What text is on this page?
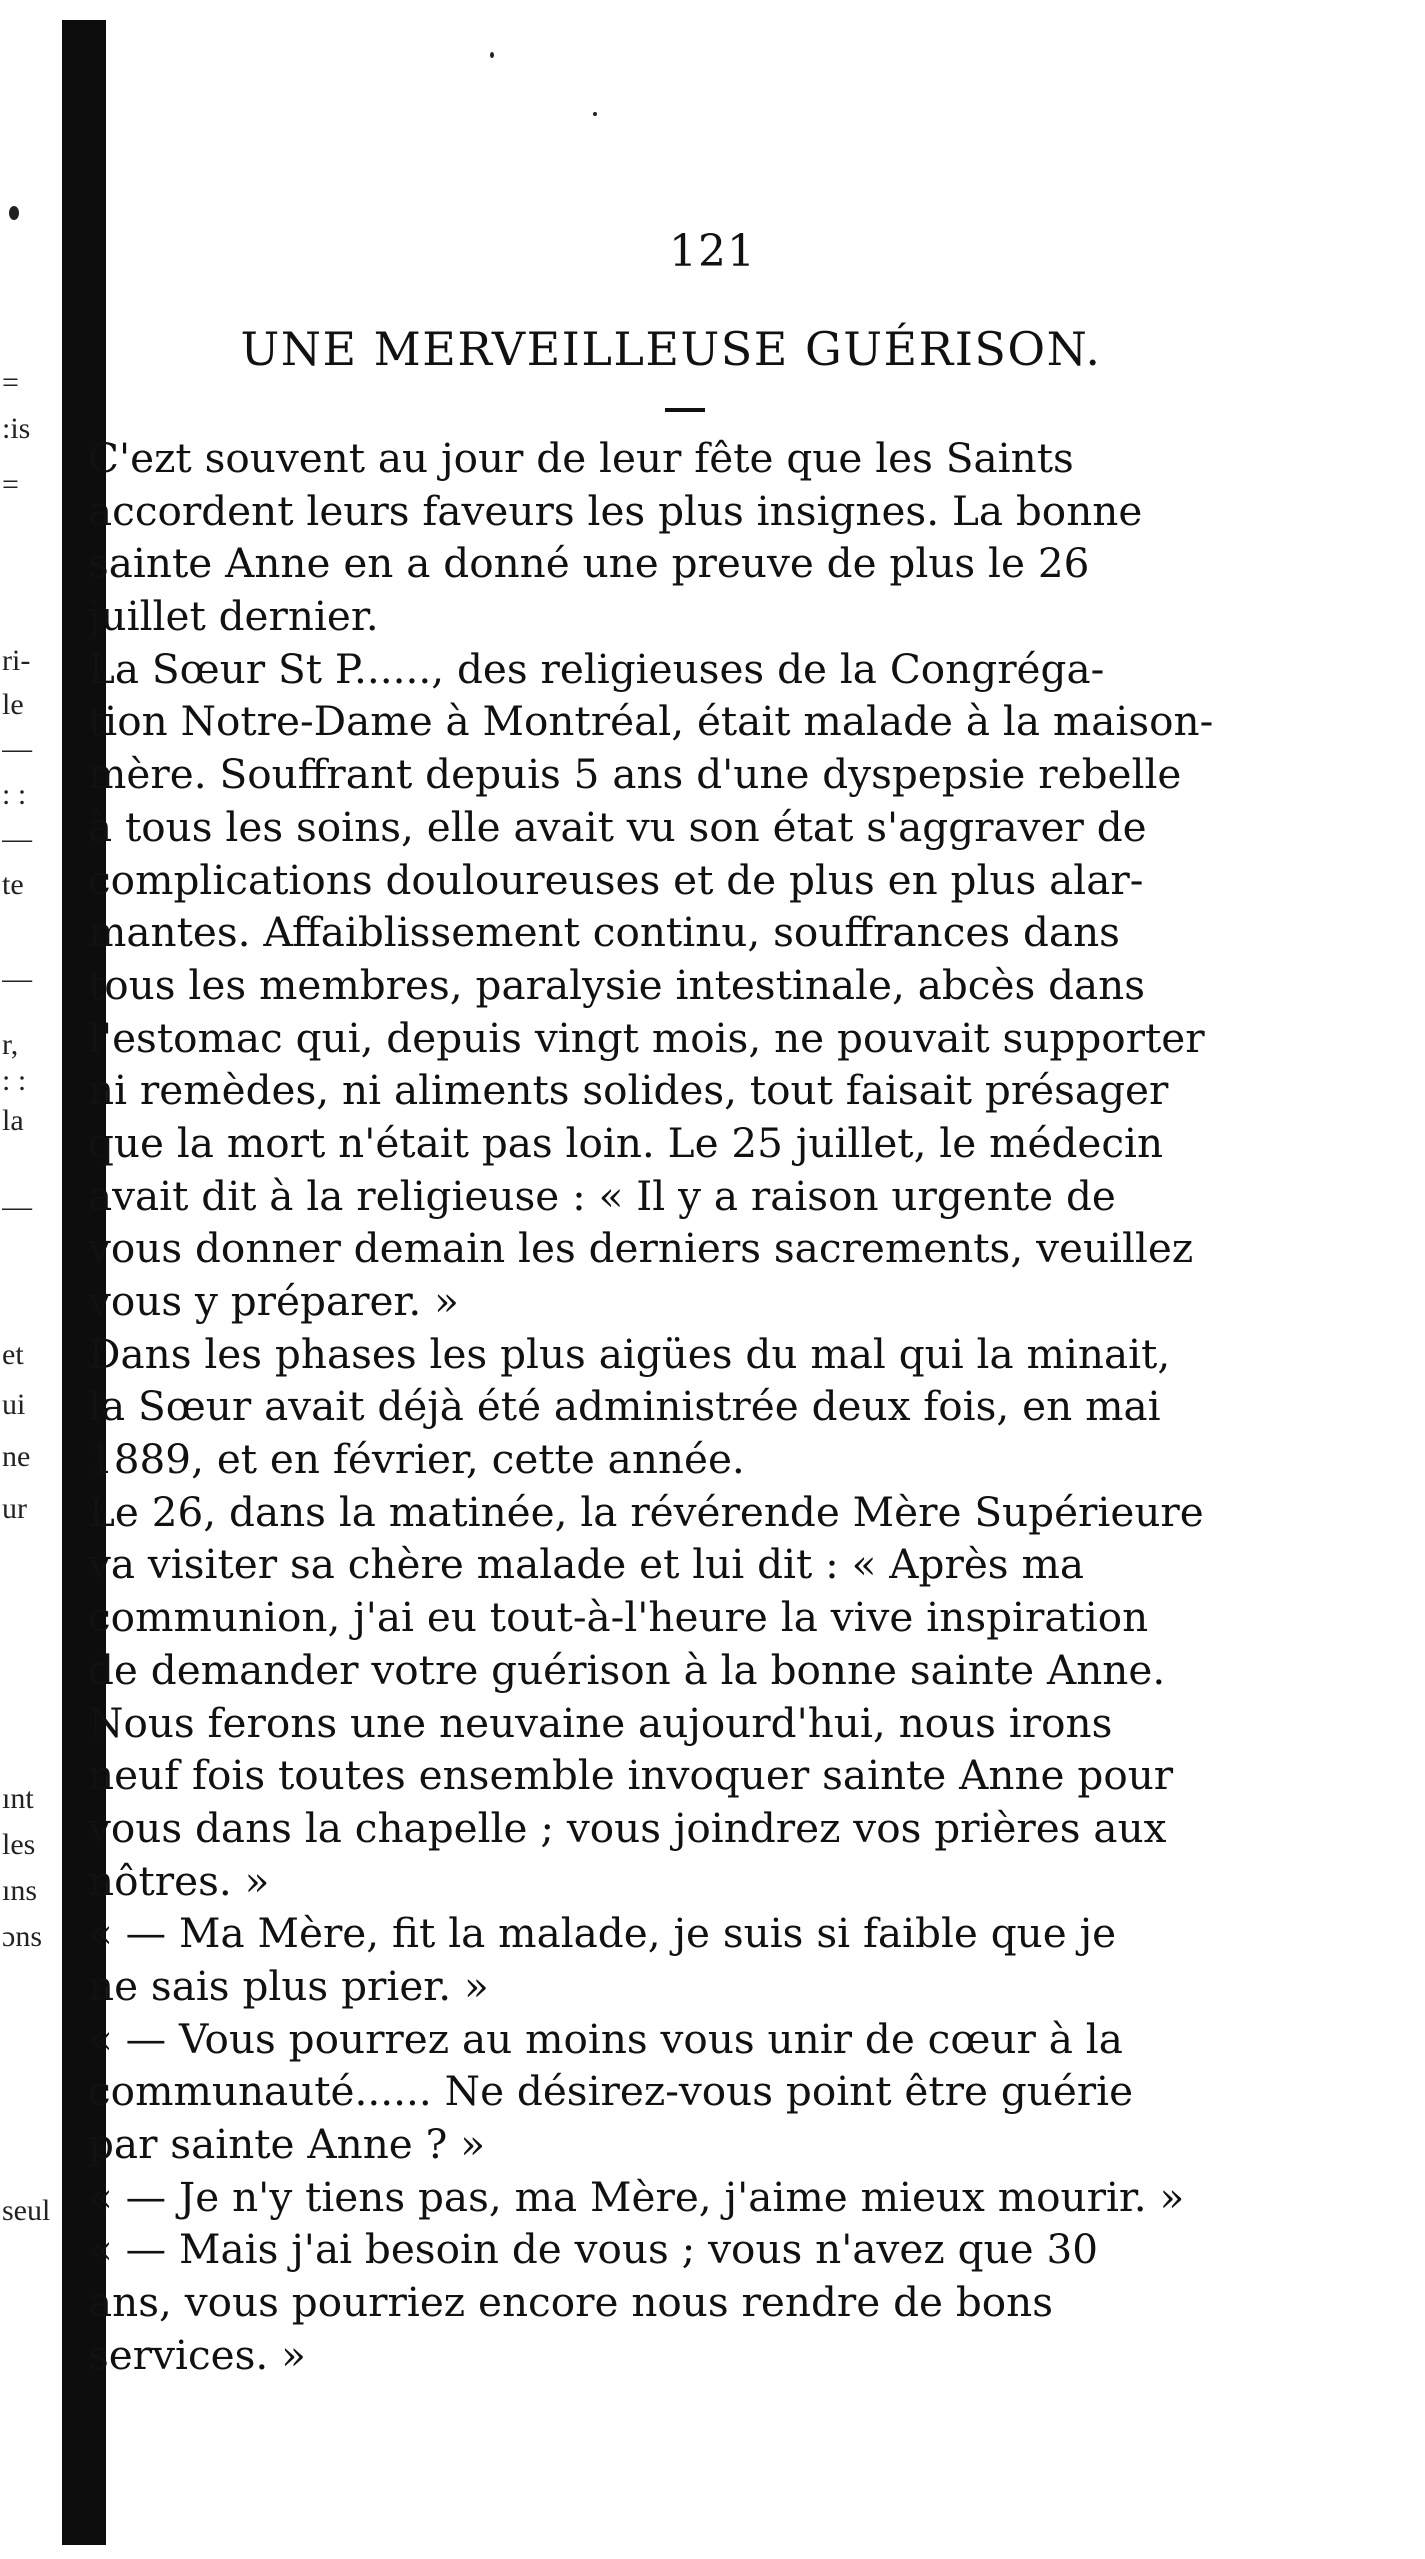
=
:is
=
ri-
le
—
: :
—
te
—
r,
: :
la
—
et
ui
ne
ur
ınt
les
ıns
ɔns
seul
121
UNE MERVEILLEUSE GUÉRISON.
C'ezt souvent au jour de leur fête que les Saints
accordent leurs faveurs les plus insignes. La bonne
sainte Anne en a donné une preuve de plus le 26
juillet dernier.
La Sœur St P......, des religieuses de la Congréga-
tion Notre-Dame à Montréal, était malade à la maison-
mère. Souffrant depuis 5 ans d'une dyspepsie rebelle
à tous les soins, elle avait vu son état s'aggraver de
complications douloureuses et de plus en plus alar-
mantes. Affaiblissement continu, souffrances dans
tous les membres, paralysie intestinale, abcès dans
l'estomac qui, depuis vingt mois, ne pouvait supporter
ni remèdes, ni aliments solides, tout faisait présager
que la mort n'était pas loin. Le 25 juillet, le médecin
avait dit à la religieuse : « Il y a raison urgente de
vous donner demain les derniers sacrements, veuillez
vous y préparer. »
Dans les phases les plus aigües du mal qui la minait,
la Sœur avait déjà été administrée deux fois, en mai
1889, et en février, cette année.
Le 26, dans la matinée, la révérende Mère Supérieure
va visiter sa chère malade et lui dit : « Après ma
communion, j'ai eu tout-à-l'heure la vive inspiration
de demander votre guérison à la bonne sainte Anne.
Nous ferons une neuvaine aujourd'hui, nous irons
neuf fois toutes ensemble invoquer sainte Anne pour
vous dans la chapelle ; vous joindrez vos prières aux
nôtres. »
« — Ma Mère, fit la malade, je suis si faible que je
ne sais plus prier. »
« — Vous pourrez au moins vous unir de cœur à la
communauté...... Ne désirez-vous point être guérie
par sainte Anne ? »
« — Je n'y tiens pas, ma Mère, j'aime mieux mourir. »
« — Mais j'ai besoin de vous ; vous n'avez que 30
ans, vous pourriez encore nous rendre de bons
services. »
